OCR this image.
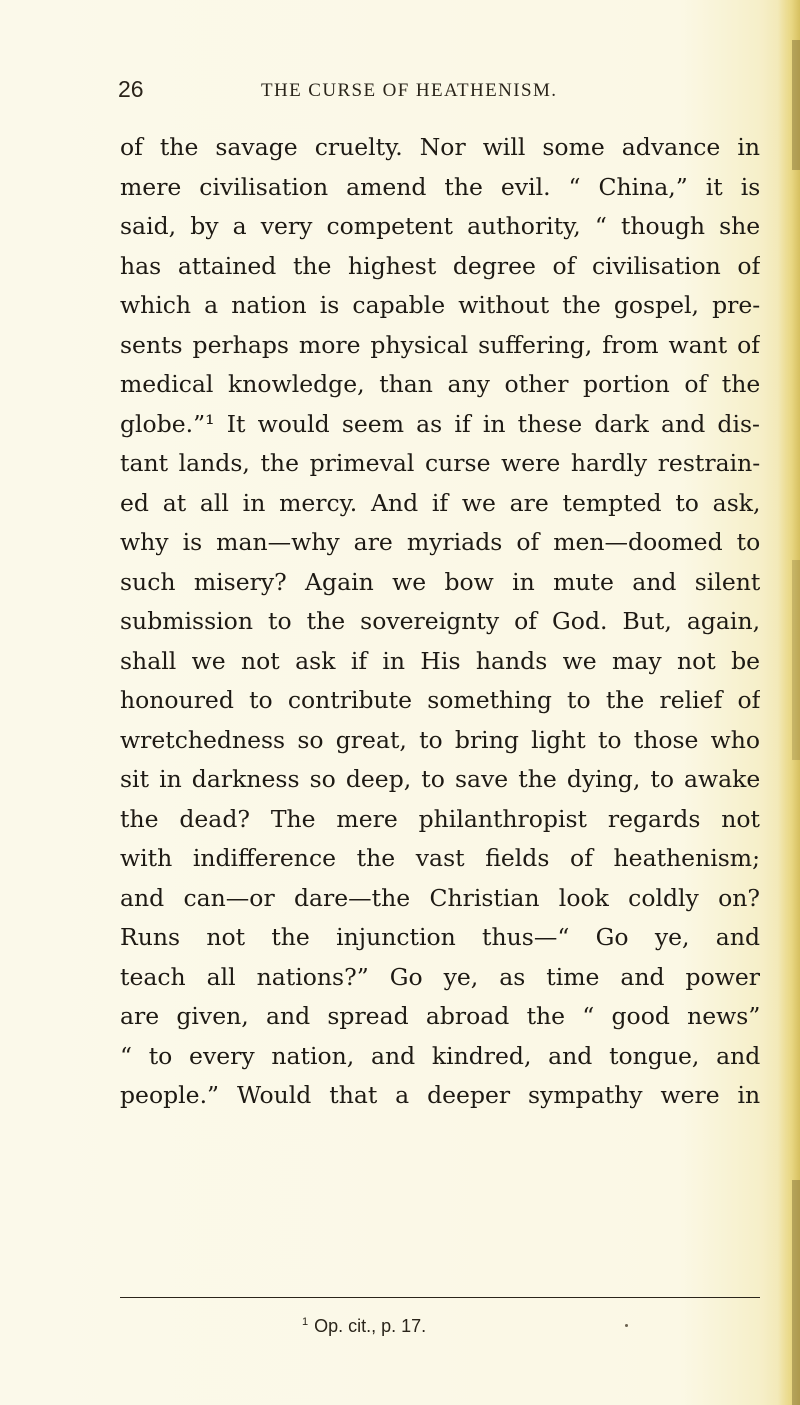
26	THE CURSE OF HEATHENISM.
of the savage cruelty. Nor will some advance in
mere civilisation amend the evil. “ China,” it is
said, by a very competent authority, “ though she
has attained the highest degree of civilisation of
which a nation is capable without the gospel, pre-
sents perhaps more physical suffering, from want of
medical knowledge, than any other portion of the
globe.”¹ It would seem as if in these dark and dis-
tant lands, the primeval curse were hardly restrain-
ed at all in mercy. And if we are tempted to ask,
why is man—why are myriads of men—doomed to
such misery? Again we bow in mute and silent
submission to the sovereignty of God. But, again,
shall we not ask if in His hands we may not be
honoured to contribute something to the relief of
wretchedness so great, to bring light to those who
sit in darkness so deep, to save the dying, to awake
the dead? The mere philanthropist regards not
with indifference the vast fields of heathenism;
and can—or dare—the Christian look coldly on?
Runs not the injunction thus—“ Go ye, and
teach all nations?” Go ye, as time and power
are given, and spread abroad the “ good news”
“ to every nation, and kindred, and tongue, and
people.” Would that a deeper sympathy were in
$^1$ Op. cit., p. 17.
